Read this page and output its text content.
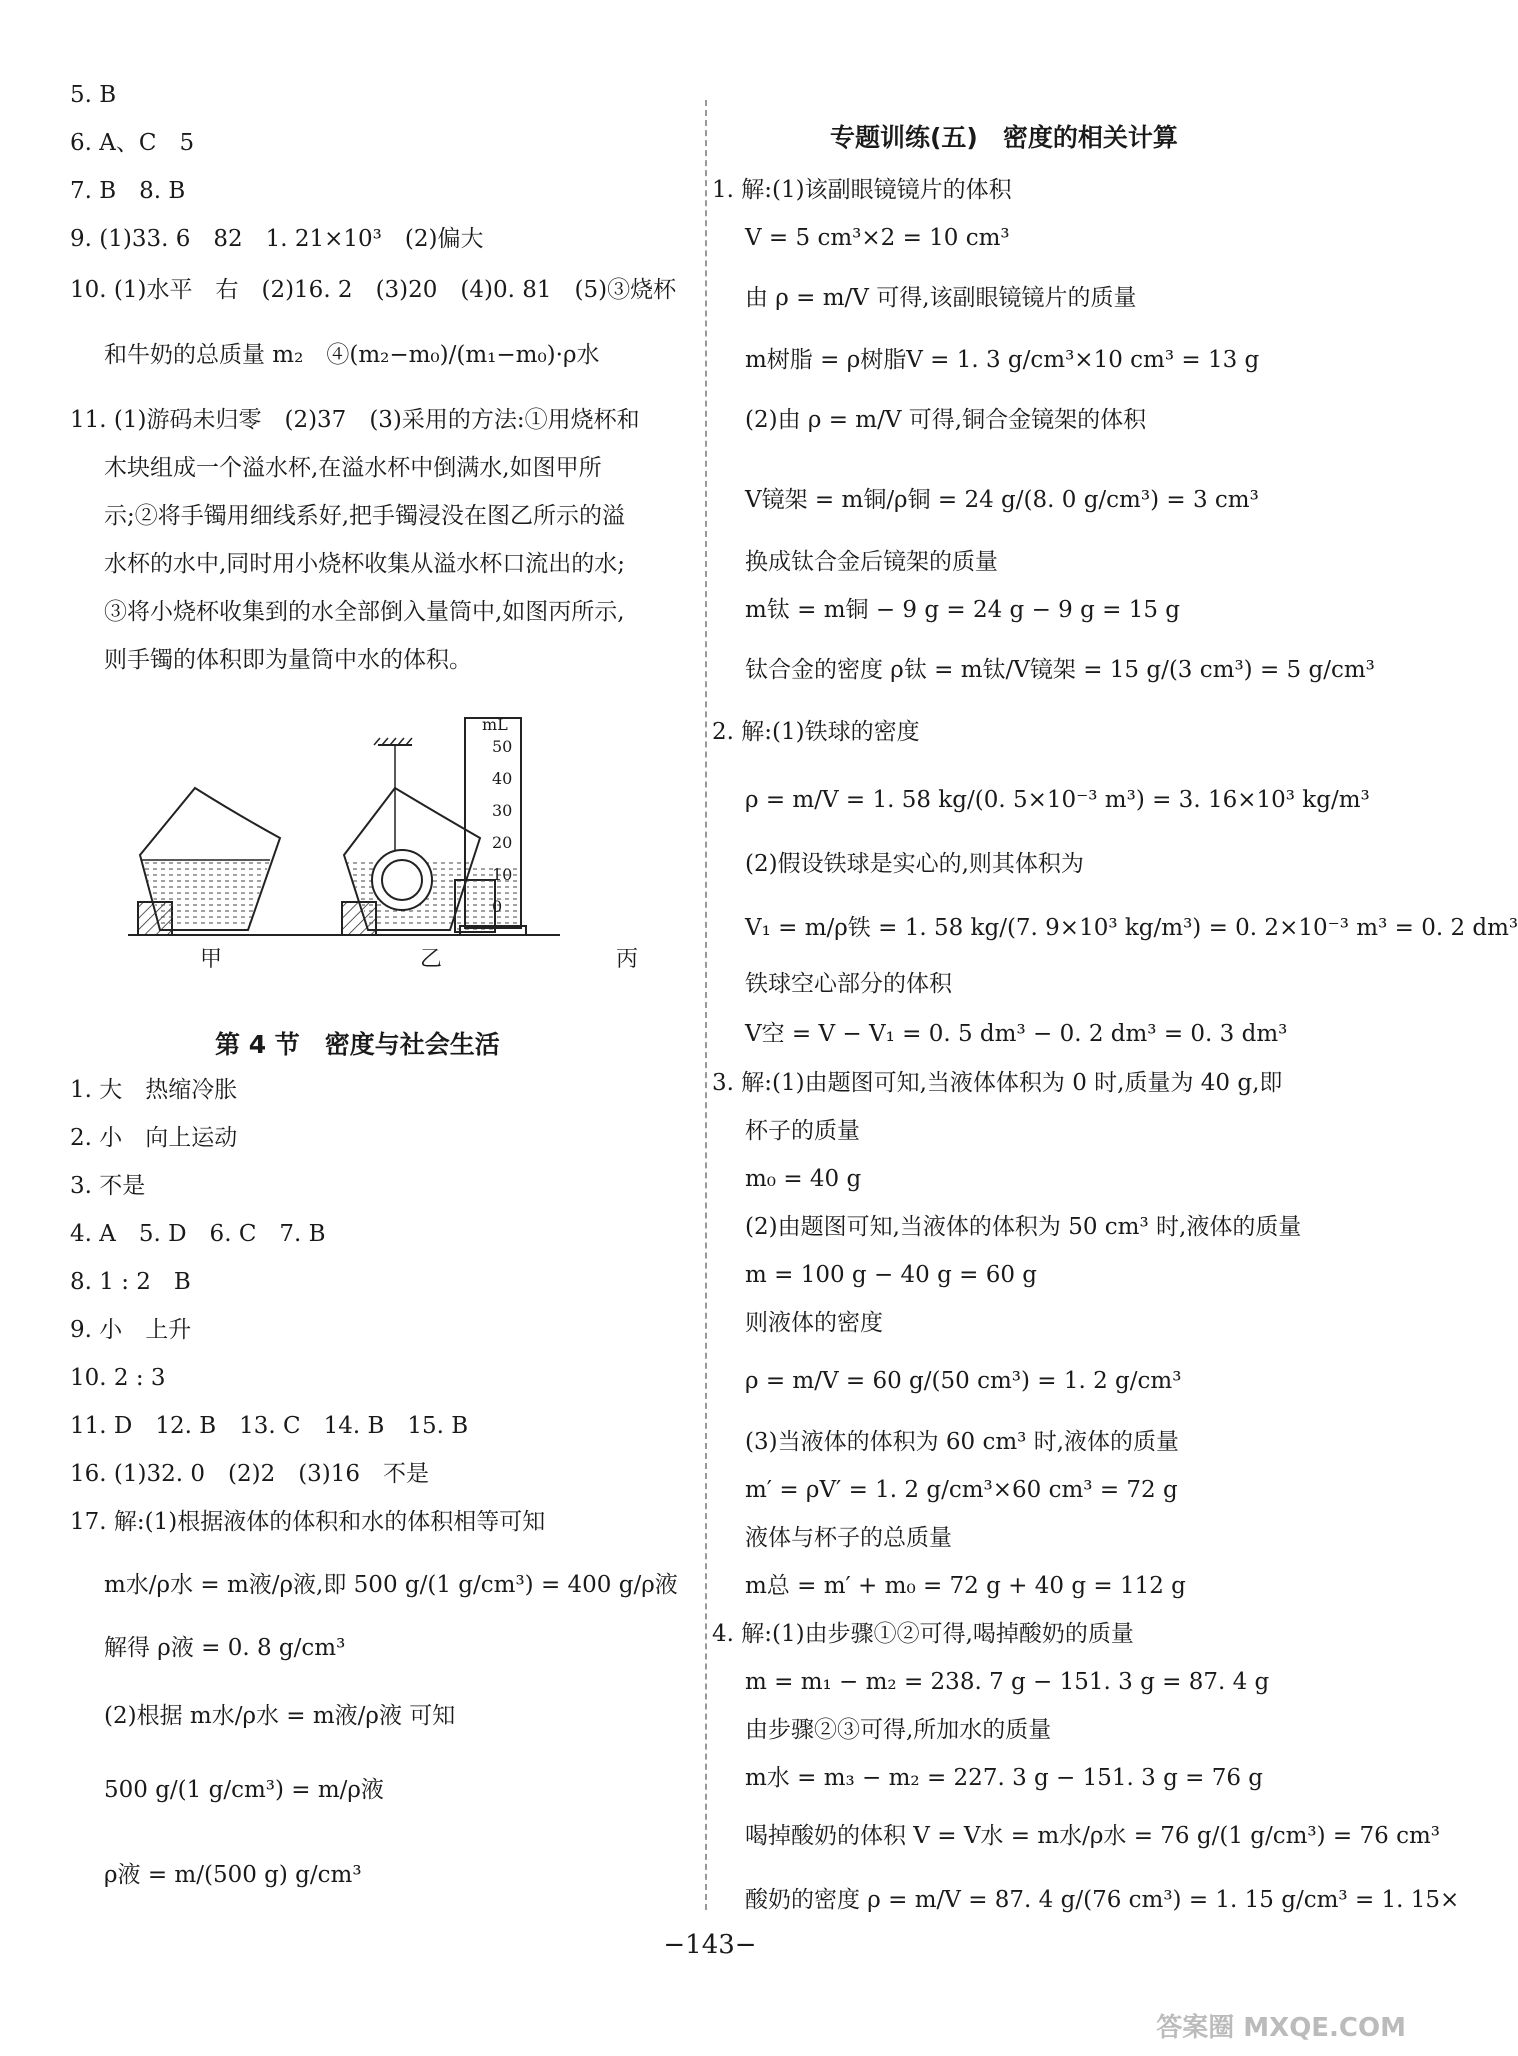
5. B
6. A、C　5
7. B　8. B
9. (1)33. 6　82　1. 21×10³　(2)偏大
10. (1)水平　右　(2)16. 2　(3)20　(4)0. 81　(5)③烧杯
和牛奶的总质量 m₂　④(m₂−m₀)/(m₁−m₀)·ρ水
11. (1)游码未归零　(2)37　(3)采用的方法:①用烧杯和
木块组成一个溢水杯,在溢水杯中倒满水,如图甲所
示;②将手镯用细线系好,把手镯浸没在图乙所示的溢
水杯的水中,同时用小烧杯收集从溢水杯口流出的水;
③将小烧杯收集到的水全部倒入量筒中,如图丙所示,
则手镯的体积即为量筒中水的体积。
1. 大　热缩冷胀
2. 小　向上运动
3. 不是
4. A　5. D　6. C　7. B
8. 1 : 2　B
9. 小　上升
10. 2 : 3
11. D　12. B　13. C　14. B　15. B
16. (1)32. 0　(2)2　(3)16　不是
17. 解:(1)根据液体的体积和水的体积相等可知
m水/ρ水 = m液/ρ液,即 500 g/(1 g/cm³) = 400 g/ρ液
解得 ρ液 = 0. 8 g/cm³
(2)根据 m水/ρ水 = m液/ρ液 可知
500 g/(1 g/cm³) = m/ρ液
ρ液 = m/(500 g) g/cm³
第 4 节　密度与社会生活
mL
50
40
30
20
10
0
甲	乙	丙
1. 解:(1)该副眼镜镜片的体积
V = 5 cm³×2 = 10 cm³
由 ρ = m/V 可得,该副眼镜镜片的质量
m树脂 = ρ树脂V = 1. 3 g/cm³×10 cm³ = 13 g
(2)由 ρ = m/V 可得,铜合金镜架的体积
V镜架 = m铜/ρ铜 = 24 g/(8. 0 g/cm³) = 3 cm³
换成钛合金后镜架的质量
m钛 = m铜 − 9 g = 24 g − 9 g = 15 g
钛合金的密度 ρ钛 = m钛/V镜架 = 15 g/(3 cm³) = 5 g/cm³
2. 解:(1)铁球的密度
ρ = m/V = 1. 58 kg/(0. 5×10⁻³ m³) = 3. 16×10³ kg/m³
(2)假设铁球是实心的,则其体积为
V₁ = m/ρ铁 = 1. 58 kg/(7. 9×10³ kg/m³) = 0. 2×10⁻³ m³ = 0. 2 dm³
铁球空心部分的体积
V空 = V − V₁ = 0. 5 dm³ − 0. 2 dm³ = 0. 3 dm³
3. 解:(1)由题图可知,当液体体积为 0 时,质量为 40 g,即
杯子的质量
m₀ = 40 g
(2)由题图可知,当液体的体积为 50 cm³ 时,液体的质量
m = 100 g − 40 g = 60 g
则液体的密度
ρ = m/V = 60 g/(50 cm³) = 1. 2 g/cm³
(3)当液体的体积为 60 cm³ 时,液体的质量
m′ = ρV′ = 1. 2 g/cm³×60 cm³ = 72 g
液体与杯子的总质量
m总 = m′ + m₀ = 72 g + 40 g = 112 g
4. 解:(1)由步骤①②可得,喝掉酸奶的质量
m = m₁ − m₂ = 238. 7 g − 151. 3 g = 87. 4 g
由步骤②③可得,所加水的质量
m水 = m₃ − m₂ = 227. 3 g − 151. 3 g = 76 g
喝掉酸奶的体积 V = V水 = m水/ρ水 = 76 g/(1 g/cm³) = 76 cm³
酸奶的密度 ρ = m/V = 87. 4 g/(76 cm³) = 1. 15 g/cm³ = 1. 15×
专题训练(五)　密度的相关计算
−143−
答案圈 MXQE.COM
